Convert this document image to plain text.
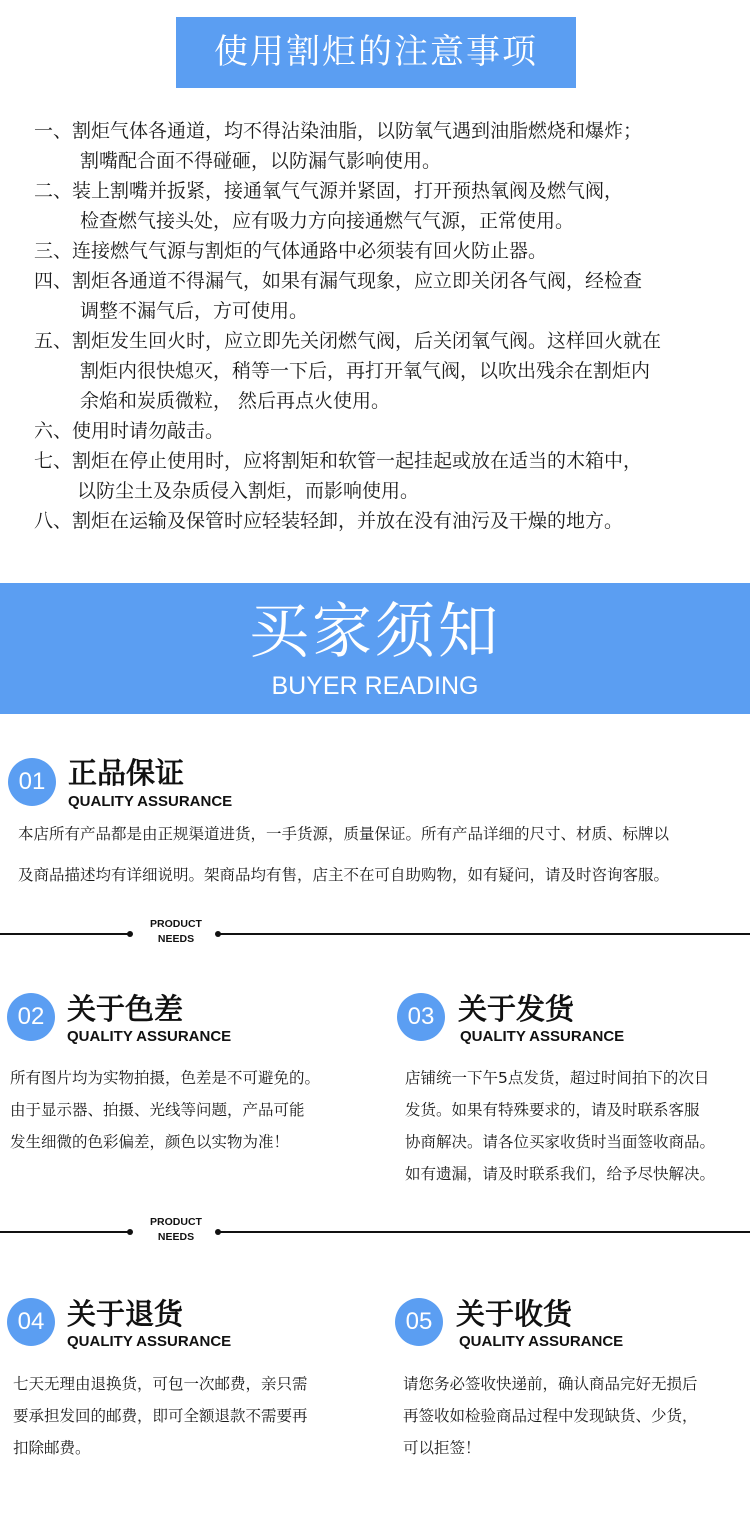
使用割炬的注意事项
一、割炬气体各通道，均不得沾染油脂，以防氧气遇到油脂燃烧和爆炸；
割嘴配合面不得碰砸，以防漏气影响使用。
二、装上割嘴并扳紧，接通氧气气源并紧固，打开预热氧阀及燃气阀，
检查燃气接头处，应有吸力方向接通燃气气源，正常使用。
三、连接燃气气源与割炬的气体通路中必须装有回火防止器。
四、割炬各通道不得漏气，如果有漏气现象，应立即关闭各气阀，经检查
调整不漏气后，方可使用。
五、割炬发生回火时，应立即先关闭燃气阀，后关闭氧气阀。这样回火就在
割炬内很快熄灭，稍等一下后，再打开氧气阀，以吹出残余在割炬内
余焰和炭质微粒， 然后再点火使用。
六、使用时请勿敲击。
七、割炬在停止使用时，应将割矩和软管一起挂起或放在适当的木箱中，
以防尘土及杂质侵入割炬，而影响使用。
八、割炬在运输及保管时应轻装轻卸，并放在没有油污及干燥的地方。
买家须知
BUYER READING
01 正品保证
QUALITY ASSURANCE
本店所有产品都是由正规渠道进货，一手货源，质量保证。所有产品详细的尺寸、材质、标牌以
及商品描述均有详细说明。架商品均有售，店主不在可自助购物，如有疑问，请及时咨询客服。
PRODUCT
NEEDS
02 关于色差
QUALITY ASSURANCE
所有图片均为实物拍摄，色差是不可避免的。
由于显示器、拍摄、光线等问题，产品可能
发生细微的色彩偏差，颜色以实物为准！
03 关于发货
QUALITY ASSURANCE
店铺统一下午5点发货，超过时间拍下的次日
发货。如果有特殊要求的，请及时联系客服
协商解决。请各位买家收货时当面签收商品。
如有遗漏，请及时联系我们，给予尽快解决。
PRODUCT
NEEDS
04 关于退货
QUALITY ASSURANCE
七天无理由退换货，可包一次邮费，亲只需
要承担发回的邮费，即可全额退款不需要再
扣除邮费。
05 关于收货
QUALITY ASSURANCE
请您务必签收快递前，确认商品完好无损后
再签收如检验商品过程中发现缺货、少货，
可以拒签！
